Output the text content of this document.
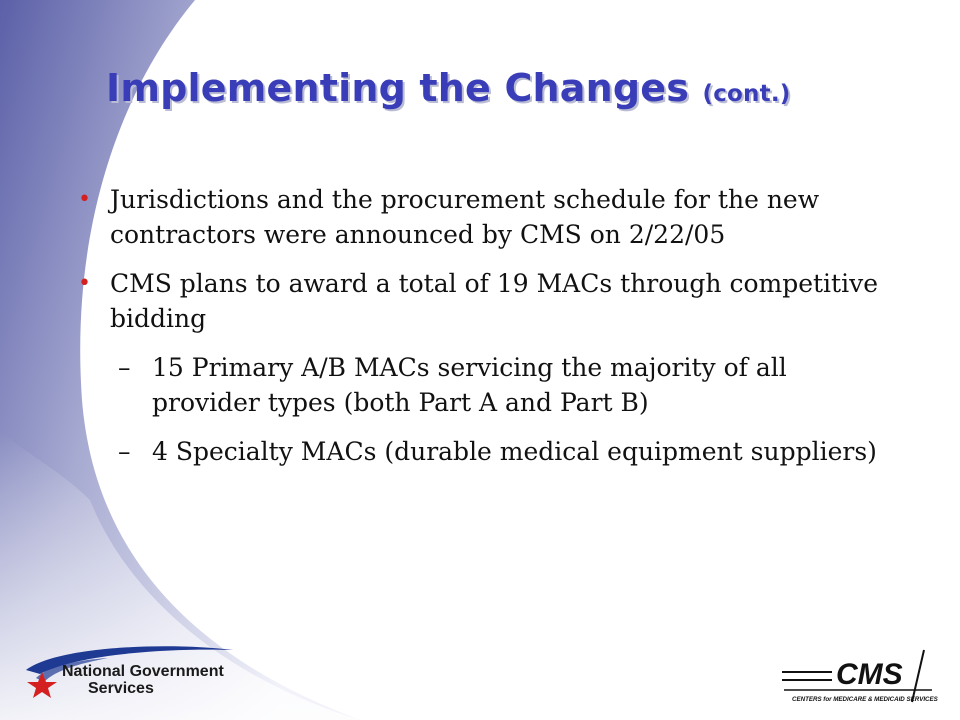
Implementing the Changes (cont.)
• Jurisdictions and the procurement schedule for the new contractors were announced by CMS on 2/22/05
• CMS plans to award a total of 19 MACs through competitive bidding
– 15 Primary A/B MACs servicing the majority of all provider types (both Part A and Part B)
– 4 Specialty MACs (durable medical equipment suppliers)
National Government
Services	CMS
CENTERS for MEDICARE & MEDICAID SERVICES
